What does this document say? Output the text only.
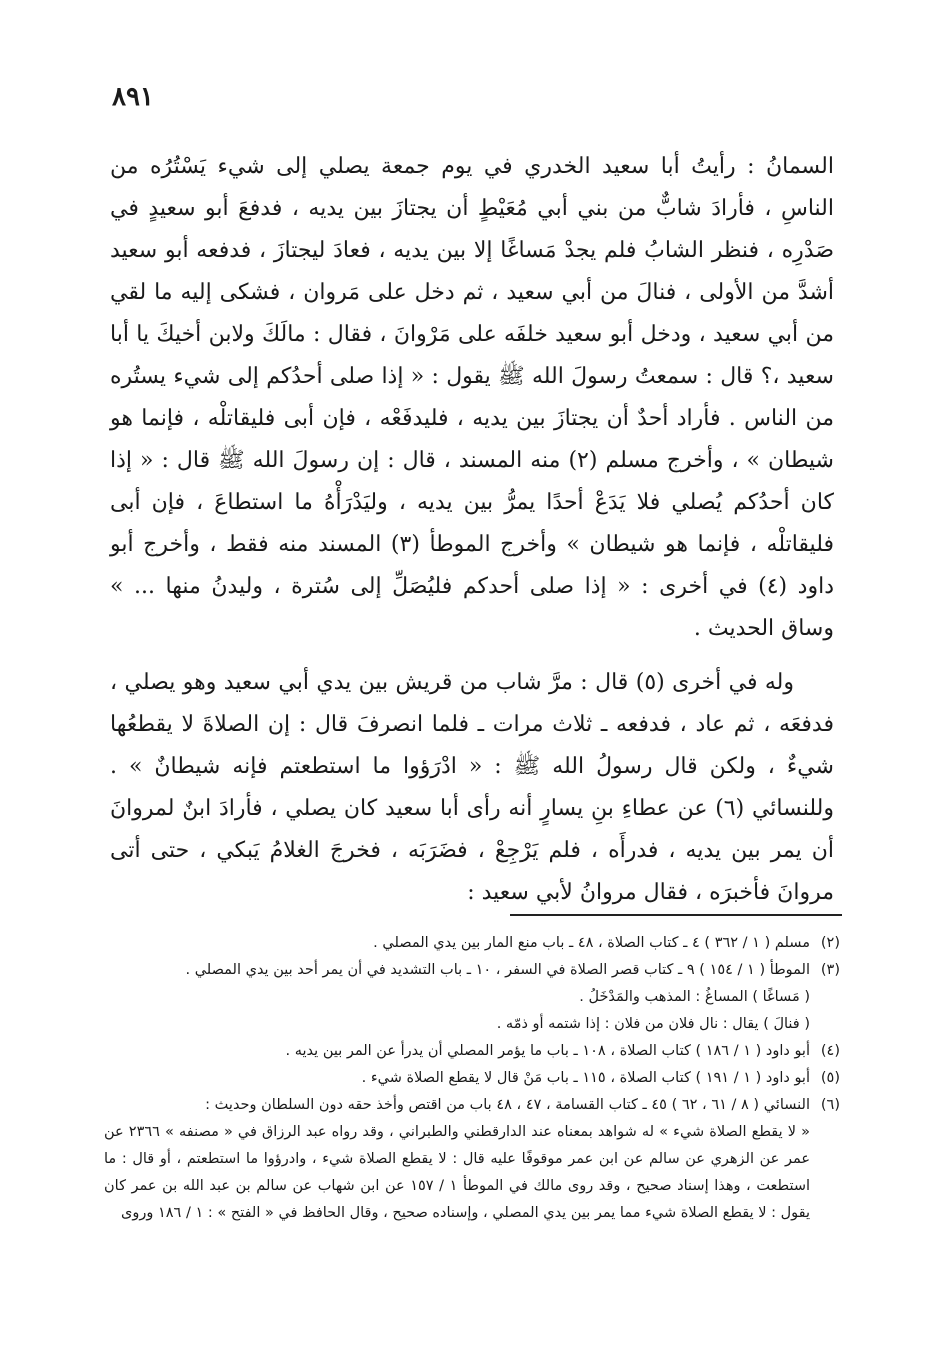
٨٩١

السمانُ : رأيتُ أبا سعيد الخدري في يوم جمعة يصلي إلى شيء يَسْتُرُه من الناسِ ، فأرادَ شابٌّ من بني أبي مُعَيْطٍ أن يجتازَ بين يديه ، فدفعَ أبو سعيدٍ في صَدْرِه ، فنظر الشابُ فلم يجدْ مَساغًا إلا بين يديه ، فعادَ ليجتازَ ، فدفعه أبو سعيد أشدَّ من الأولى ، فنالَ من أبي سعيد ، ثم دخل على مَروان ، فشكى إليه ما لقي من أبي سعيد ، ودخل أبو سعيد خلفَه على مَرْوانَ ، فقال : مالَكَ ولابن أخيكَ يا أبا سعيد ،؟ قال : سمعتُ رسولَ الله ﷺ يقول : « إذا صلى أحدُكم إلى شيء يستُره من الناس . فأراد أحدٌ أن يجتازَ بين يديه ، فليدفَعْه ، فإن أبى فليقاتلْه ، فإنما هو شيطان » ، وأخرج مسلم (٢) منه المسند ، قال : إن رسولَ الله ﷺ قال : « إذا كان أحدُكم يُصلي فلا يَدَعْ أحدًا يمرُّ بين يديه ، وليَدْرَأْهُ ما استطاعَ ، فإن أبى فليقاتلْه ، فإنما هو شيطان » وأخرج الموطأ (٣) المسند منه فقط ، وأخرج أبو داود (٤) في أخرى : « إذا صلى أحدكم فليُصَلِّ إلى سُترة ، وليدنُ منها ... » وساق الحديث .

وله في أخرى (٥) قال : مرَّ شاب من قريش بين يدي أبي سعيد وهو يصلي ، فدفعَه ، ثم عاد ، فدفعه ـ ثلاث مرات ـ فلما انصرفَ قال : إن الصلاةَ لا يقطعُها شيءٌ ، ولكن قال رسولُ الله ﷺ : « ادْرَؤوا ما استطعتم فإنه شيطانٌ » . وللنسائي (٦) عن عطاءِ بنِ يسارٍ أنه رأى أبا سعيد كان يصلي ، فأرادَ ابنٌ لمروانَ أن يمر بين يديه ، فدرأَه ، فلم يَرْجِعْ ، فضَرَبَه ، فخرجَ الغلامُ يَبكي ، حتى أتى مروانَ فأخبرَه ، فقال مروانُ لأبي سعيد :

(٢)
مسلم ( ١ / ٣٦٢ ) ٤ ـ كتاب الصلاة ، ٤٨ ـ باب منع المار بين يدي المصلي .
(٣)
الموطأ ( ١ / ١٥٤ ) ٩ ـ كتاب قصر الصلاة في السفر ، ١٠ ـ باب التشديد في أن يمر أحد بين يدي المصلي .
( مَساغًا ) المساغُ : المذهب والمَدْخَلُ .
( فنالَ ) يقال : نال فلان من فلان : إذا شتمه أو ذمّه .
(٤)
أبو داود ( ١ / ١٨٦ ) كتاب الصلاة ، ١٠٨ ـ باب ما يؤمر المصلي أن يدرأ عن المر بين يديه .
(٥)
أبو داود ( ١ / ١٩١ ) كتاب الصلاة ، ١١٥ ـ باب مَنْ قال لا يقطع الصلاة شيء .
(٦)
النسائي ( ٨ / ٦١ ، ٦٢ ) ٤٥ ـ كتاب القسامة ، ٤٧ ، ٤٨ باب من اقتص وأخذ حقه دون السلطان وحديث :
« لا يقطع الصلاة شيء » له شواهد بمعناه عند الدارقطني والطبراني ، وقد رواه عبد الرزاق في « مصنفه » ٢٣٦٦ عن عمر عن الزهري عن سالم عن ابن عمر موقوفًا عليه قال : لا يقطع الصلاة شيء ، وادرؤوا ما استطعتم ، أو قال : ما استطعت ، وهذا إسناد صحيح ، وقد روى مالك في الموطأ ١ / ١٥٧ عن ابن شهاب عن سالم بن عبد الله بن عمر كان يقول : لا يقطع الصلاة شيء مما يمر بين يدي المصلي ، وإسناده صحيح ، وقال الحافظ في « الفتح » : ١ / ١٨٦ وروى
